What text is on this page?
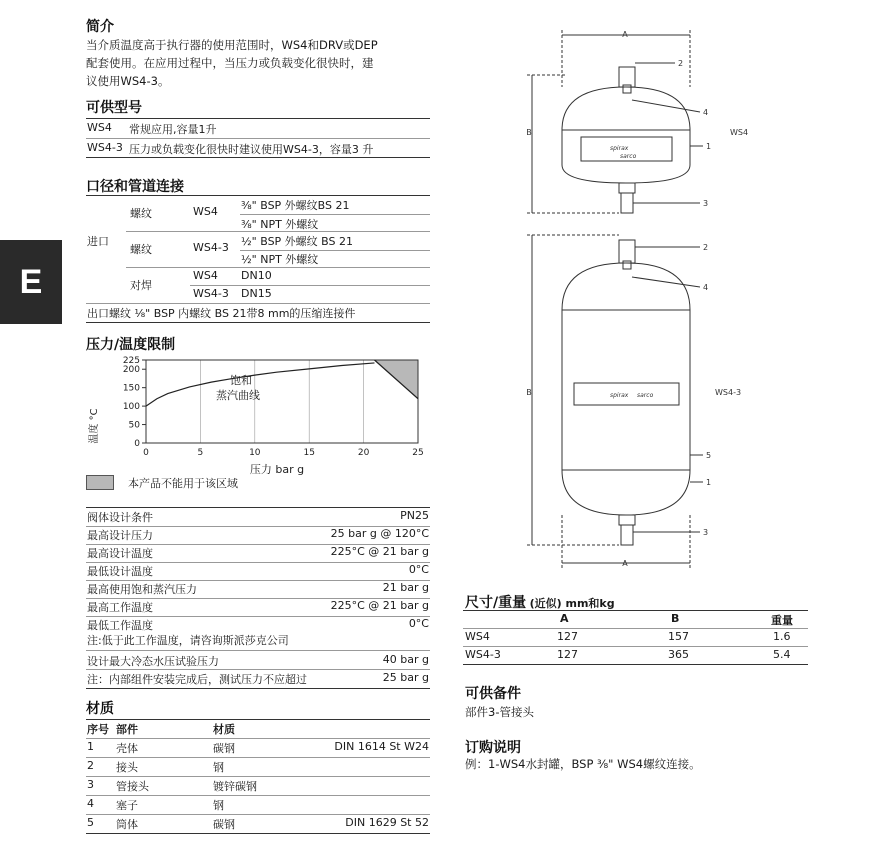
E
简介
当介质温度高于执行器的使用范围时，WS4和DRV或DEP
配套使用。在应用过程中，当压力或负载变化很快时，建
议使用WS4-3。
可供型号
WS4 常规应用,容量1升
WS4-3 压力或负载变化很快时建议使用WS4-3，容量3 升
口径和管道连接
进口
螺纹	WS4 ⅜" BSP 外螺纹BS 21
⅜" NPT 外螺纹
螺纹	WS4-3 ½" BSP 外螺纹 BS 21
½" NPT 外螺纹
对焊
WS4 DN10
WS4-3 DN15
出口螺纹 ⅛" BSP 内螺纹 BS 21带8 mm的压缩连接件
压力/温度限制
0
50
100
150
200
225
0	5	10	15	20	25
饱和
蒸汽曲线
温度 °C
压力 bar g
本产品不能用于该区域
阀体设计条件	PN25
最高设计压力	25 bar g @ 120°C
最高设计温度	225°C @ 21 bar g
最低设计温度	0°C
最高使用饱和蒸汽压力	21 bar g
最高工作温度	225°C @ 21 bar g
最低工作温度	0°C
注:低于此工作温度，请咨询斯派莎克公司
设计最大冷态水压试验压力	40 bar g
注：内部组件安装完成后，测试压力不应超过	25 bar g
材质
序号 部件	材质
1 壳体	碳钢	DIN 1614 St W24
2 接头	钢
3 管接头	镀锌碳钢
4 塞子	钢
5 筒体	碳钢	DIN 1629 St 52
A
B
B
A
2
4
1
3
2
4
5
1
3
WS4
WS4-3
spirax
sarco
spirax sarco
尺寸/重量 (近似) mm和kg
A	B	重量
WS4	127	157	1.6
WS4-3	127	365	5.4
可供备件
部件3-管接头
订购说明
例：1-WS4水封罐，BSP ⅜" WS4螺纹连接。
